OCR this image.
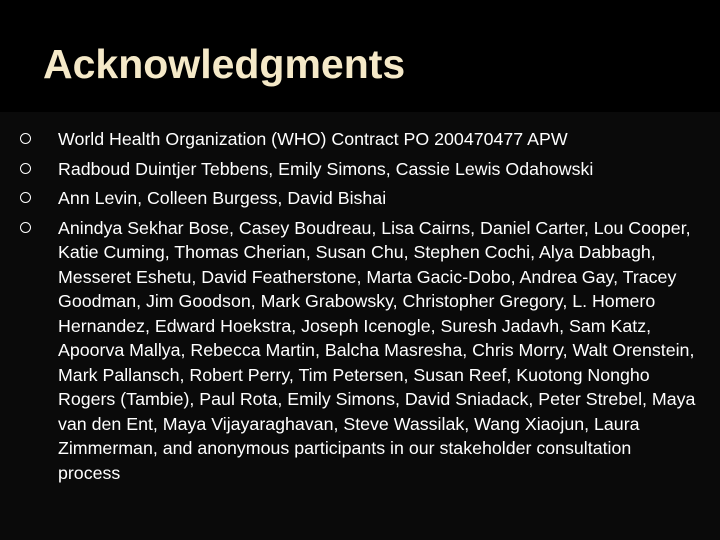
Acknowledgments
World Health Organization (WHO) Contract PO 200470477 APW
Radboud Duintjer Tebbens, Emily Simons, Cassie Lewis Odahowski
Ann Levin, Colleen Burgess, David Bishai
Anindya Sekhar Bose, Casey Boudreau, Lisa Cairns, Daniel Carter, Lou Cooper, Katie Cuming, Thomas Cherian, Susan Chu, Stephen Cochi, Alya Dabbagh, Messeret Eshetu, David Featherstone, Marta Gacic-Dobo, Andrea Gay, Tracey Goodman, Jim Goodson, Mark Grabowsky, Christopher Gregory, L. Homero Hernandez, Edward Hoekstra, Joseph Icenogle, Suresh Jadavh, Sam Katz, Apoorva Mallya, Rebecca Martin, Balcha Masresha, Chris Morry, Walt Orenstein, Mark Pallansch, Robert Perry, Tim Petersen, Susan Reef, Kuotong Nongho Rogers (Tambie), Paul Rota, Emily Simons, David Sniadack, Peter Strebel, Maya van den Ent, Maya Vijayaraghavan, Steve Wassilak, Wang Xiaojun, Laura Zimmerman, and anonymous participants in our stakeholder consultation process
